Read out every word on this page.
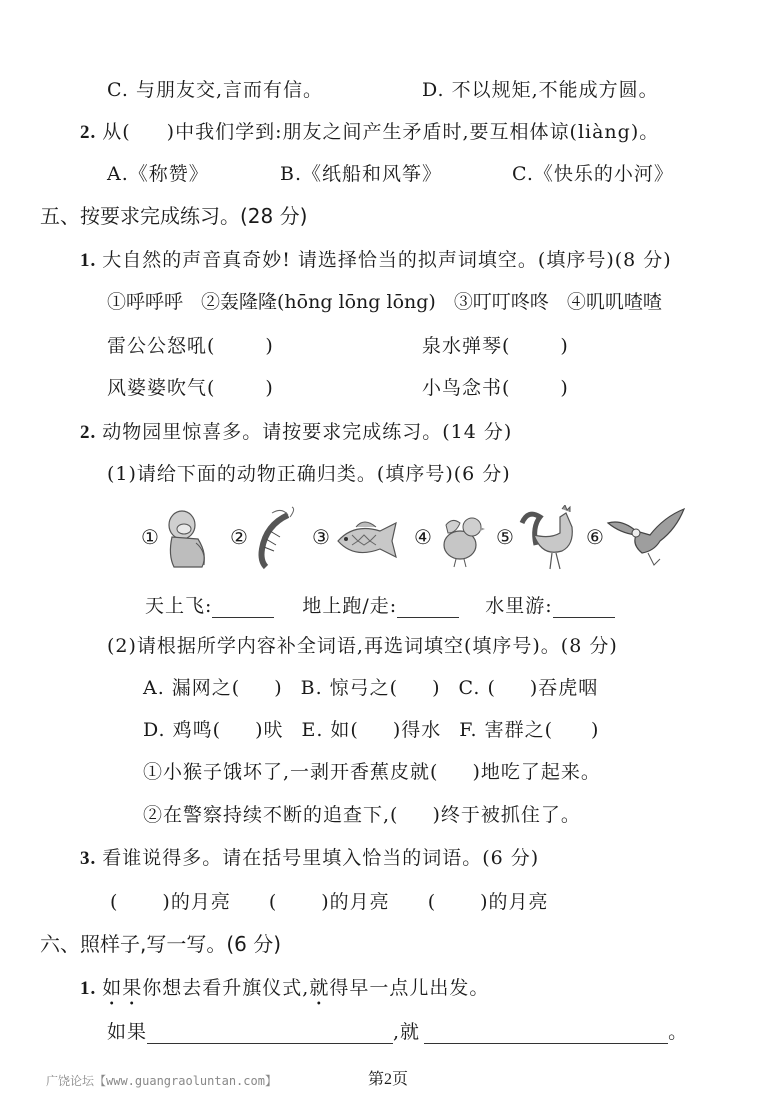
C. 与朋友交,言而有信。	D. 不以规矩,不能成方圆。
2. 从( )中我们学到:朋友之间产生矛盾时,要互相体谅(liàng)。
A.《称赞》	B.《纸船和风筝》	C.《快乐的小河》
五、按要求完成练习。(28 分)
1. 大自然的声音真奇妙! 请选择恰当的拟声词填空。(填序号)(8 分)
①呼呼呼 ②轰隆隆(hōng lōng lōng) ③叮叮咚咚 ④叽叽喳喳
雷公公怒吼(	)	泉水弹琴(	)
风婆婆吹气(	)	小鸟念书(	)
2. 动物园里惊喜多。请按要求完成练习。(14 分)
(1)请给下面的动物正确归类。(填序号)(6 分)
①	②	③	④	⑤	⑥
天上飞:	地上跑/走:	水里游:
(2)请根据所学内容补全词语,再选词填空(填序号)。(8 分)
A. 漏网之( ) B. 惊弓之( ) C. ( )吞虎咽
D. 鸡鸣( )吠 E. 如( )得水 F. 害群之( )
①小猴子饿坏了,一剥开香蕉皮就( )地吃了起来。
②在警察持续不断的追查下,( )终于被抓住了。
3. 看谁说得多。请在括号里填入恰当的词语。(6 分)
( )的月亮 ( )的月亮 ( )的月亮
六、照样子,写一写。(6 分)
1. 如果你想去看升旗仪式,就得早一点儿出发。
如果	,就	。
广饶论坛【www.guangraoluntan.com】	第2页
